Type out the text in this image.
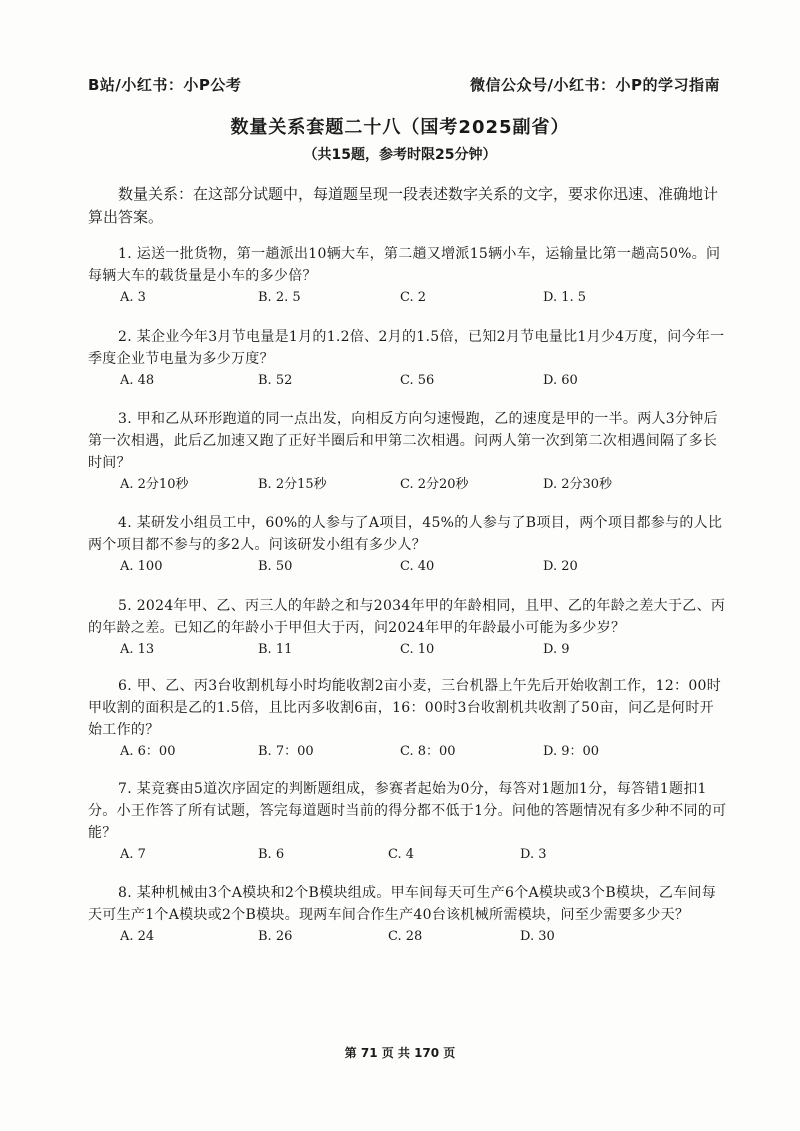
B站/小红书：小P公考	微信公众号/小红书：小P的学习指南
数量关系套题二十八（国考2025副省）
（共15题，参考时限25分钟）
数量关系：在这部分试题中，每道题呈现一段表述数字关系的文字，要求你迅速、准确地计算出答案。
1. 运送一批货物，第一趟派出10辆大车，第二趟又增派15辆小车，运输量比第一趟高50%。问每辆大车的载货量是小车的多少倍？
A. 3	B. 2. 5	C. 2	D. 1. 5
2. 某企业今年3月节电量是1月的1.2倍、2月的1.5倍，已知2月节电量比1月少4万度，问今年一季度企业节电量为多少万度？
A. 48	B. 52	C. 56	D. 60
3. 甲和乙从环形跑道的同一点出发，向相反方向匀速慢跑，乙的速度是甲的一半。两人3分钟后第一次相遇，此后乙加速又跑了正好半圈后和甲第二次相遇。问两人第一次到第二次相遇间隔了多长时间？
A. 2分10秒	B. 2分15秒	C. 2分20秒	D. 2分30秒
4. 某研发小组员工中，60%的人参与了A项目，45%的人参与了B项目，两个项目都参与的人比两个项目都不参与的多2人。问该研发小组有多少人？
A. 100	B. 50	C. 40	D. 20
5. 2024年甲、乙、丙三人的年龄之和与2034年甲的年龄相同，且甲、乙的年龄之差大于乙、丙的年龄之差。已知乙的年龄小于甲但大于丙，问2024年甲的年龄最小可能为多少岁？
A. 13	B. 11	C. 10	D. 9
6. 甲、乙、丙3台收割机每小时均能收割2亩小麦，三台机器上午先后开始收割工作，12：00时甲收割的面积是乙的1.5倍，且比丙多收割6亩，16：00时3台收割机共收割了50亩，问乙是何时开始工作的？
A. 6：00	B. 7：00	C. 8：00	D. 9：00
7. 某竞赛由5道次序固定的判断题组成，参赛者起始为0分，每答对1题加1分，每答错1题扣1分。小王作答了所有试题，答完每道题时当前的得分都不低于1分。问他的答题情况有多少种不同的可能？
A. 7	B. 6	C. 4	D. 3
8. 某种机械由3个A模块和2个B模块组成。甲车间每天可生产6个A模块或3个B模块，乙车间每天可生产1个A模块或2个B模块。现两车间合作生产40台该机械所需模块，问至少需要多少天？
A. 24	B. 26	C. 28	D. 30
第 71 页 共 170 页
